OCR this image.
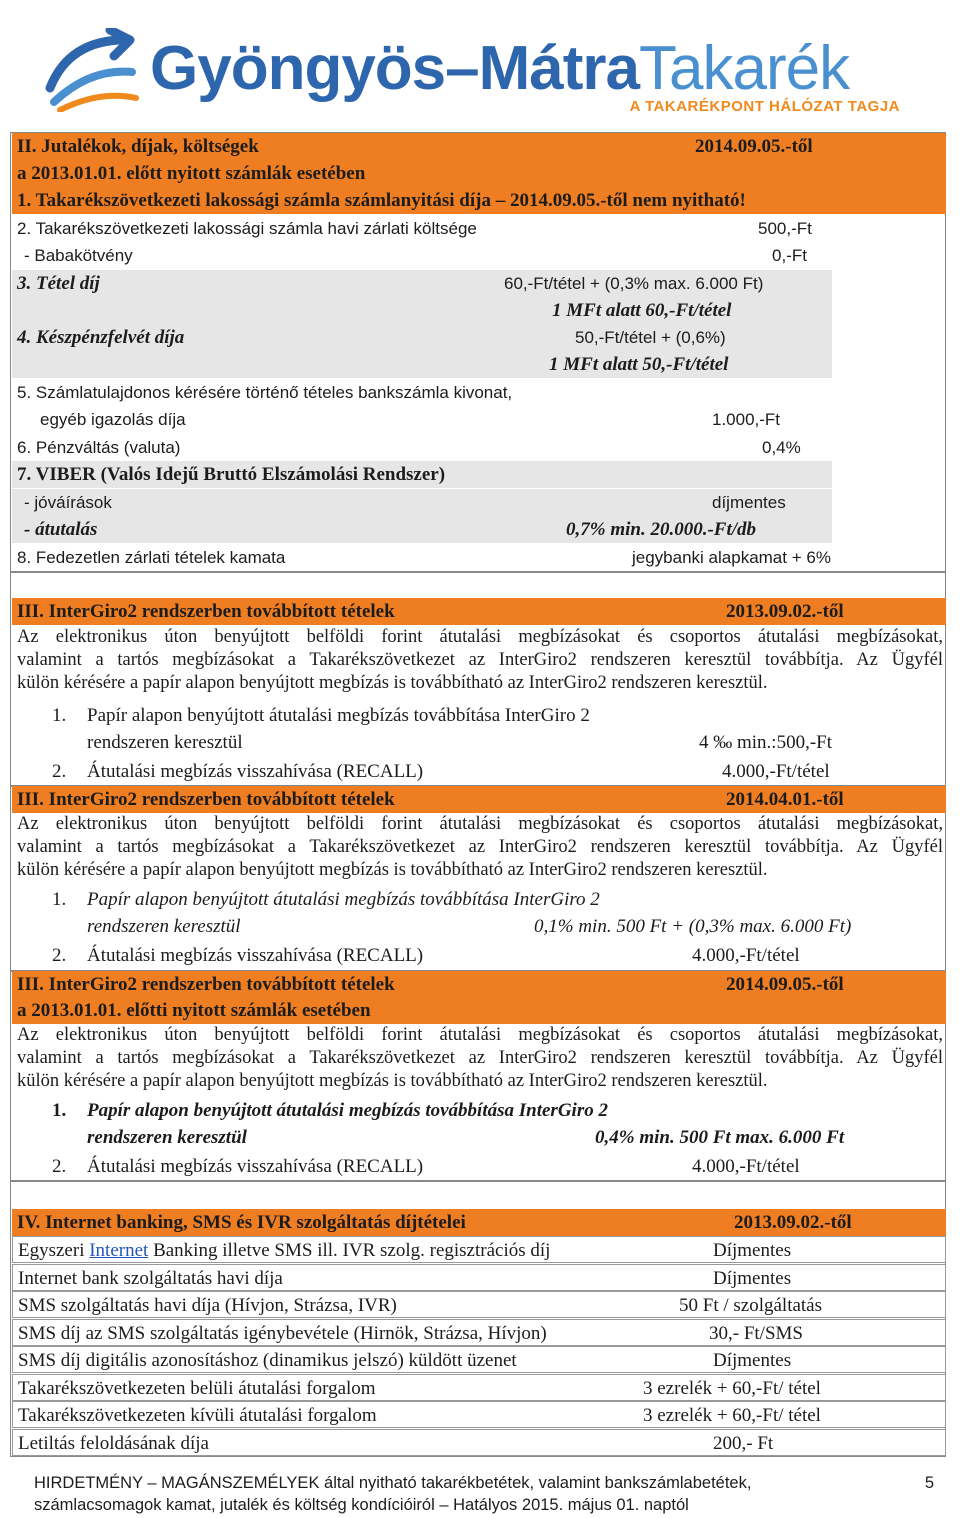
Gyöngyös–MátraTakarék
A TAKARÉKPONT HÁLÓZAT TAGJA
II. Jutalékok, díjak, költségek	2014.09.05.-től
a 2013.01.01. előtt nyitott számlák esetében
1. Takarékszövetkezeti lakossági számla számlanyitási díja – 2014.09.05.-től nem nyitható!
2. Takarékszövetkezeti lakossági számla havi zárlati költsége	500,-Ft
- Babakötvény	0,-Ft
3. Tétel díj	60,-Ft/tétel + (0,3% max. 6.000 Ft)
1 MFt alatt 60,-Ft/tétel
4. Készpénzfelvét díja	50,-Ft/tétel + (0,6%)
1 MFt alatt 50,-Ft/tétel
5. Számlatulajdonos kérésére történő tételes bankszámla kivonat,
egyéb igazolás díja	1.000,-Ft
6. Pénzváltás (valuta)	0,4%
7. VIBER (Valós Idejű Bruttó Elszámolási Rendszer)
- jóváírások	díjmentes
- átutalás	0,7% min. 20.000.-Ft/db
8. Fedezetlen zárlati tételek kamata	jegybanki alapkamat + 6%
III. InterGiro2 rendszerben továbbított tételek	2013.09.02.-től
Az elektronikus úton benyújtott belföldi forint átutalási megbízásokat és csoportos átutalási megbízásokat,
valamint a tartós megbízásokat a Takarékszövetkezet az InterGiro2 rendszeren keresztül továbbítja. Az Ügyfél
külön kérésére a papír alapon benyújtott megbízás is továbbítható az InterGiro2 rendszeren keresztül.
1. Papír alapon benyújtott átutalási megbízás továbbítása InterGiro 2
rendszeren keresztül	4 ‰ min.:500,-Ft
2. Átutalási megbízás visszahívása (RECALL)	4.000,-Ft/tétel
III. InterGiro2 rendszerben továbbított tételek	2014.04.01.-től
Az elektronikus úton benyújtott belföldi forint átutalási megbízásokat és csoportos átutalási megbízásokat,
valamint a tartós megbízásokat a Takarékszövetkezet az InterGiro2 rendszeren keresztül továbbítja. Az Ügyfél
külön kérésére a papír alapon benyújtott megbízás is továbbítható az InterGiro2 rendszeren keresztül.
1. Papír alapon benyújtott átutalási megbízás továbbítása InterGiro 2
rendszeren keresztül	0,1% min. 500 Ft + (0,3% max. 6.000 Ft)
2. Átutalási megbízás visszahívása (RECALL)	4.000,-Ft/tétel
III. InterGiro2 rendszerben továbbított tételek	2014.09.05.-től
a 2013.01.01. előtti nyitott számlák esetében
Az elektronikus úton benyújtott belföldi forint átutalási megbízásokat és csoportos átutalási megbízásokat,
valamint a tartós megbízásokat a Takarékszövetkezet az InterGiro2 rendszeren keresztül továbbítja. Az Ügyfél
külön kérésére a papír alapon benyújtott megbízás is továbbítható az InterGiro2 rendszeren keresztül.
1. Papír alapon benyújtott átutalási megbízás továbbítása InterGiro 2
rendszeren keresztül	0,4% min. 500 Ft max. 6.000 Ft
2. Átutalási megbízás visszahívása (RECALL)	4.000,-Ft/tétel
IV. Internet banking, SMS és IVR szolgáltatás díjtételei	2013.09.02.-től
Egyszeri Internet Banking illetve SMS ill. IVR szolg. regisztrációs díj	Díjmentes
Internet bank szolgáltatás havi díja	Díjmentes
SMS szolgáltatás havi díja (Hívjon, Strázsa, IVR)	50 Ft / szolgáltatás
SMS díj az SMS szolgáltatás igénybevétele (Hirnök, Strázsa, Hívjon)	30,- Ft/SMS
SMS díj digitális azonosításhoz (dinamikus jelszó) küldött üzenet	Díjmentes
Takarékszövetkezeten belüli átutalási forgalom	3 ezrelék + 60,-Ft/ tétel
Takarékszövetkezeten kívüli átutalási forgalom	3 ezrelék + 60,-Ft/ tétel
Letiltás feloldásának díja	200,- Ft
HIRDETMÉNY – MAGÁNSZEMÉLYEK által nyitható takarékbetétek, valamint bankszámlabetétek,
számlacsomagok kamat, jutalék és költség kondícióiról – Hatályos 2015. május 01. naptól
5
